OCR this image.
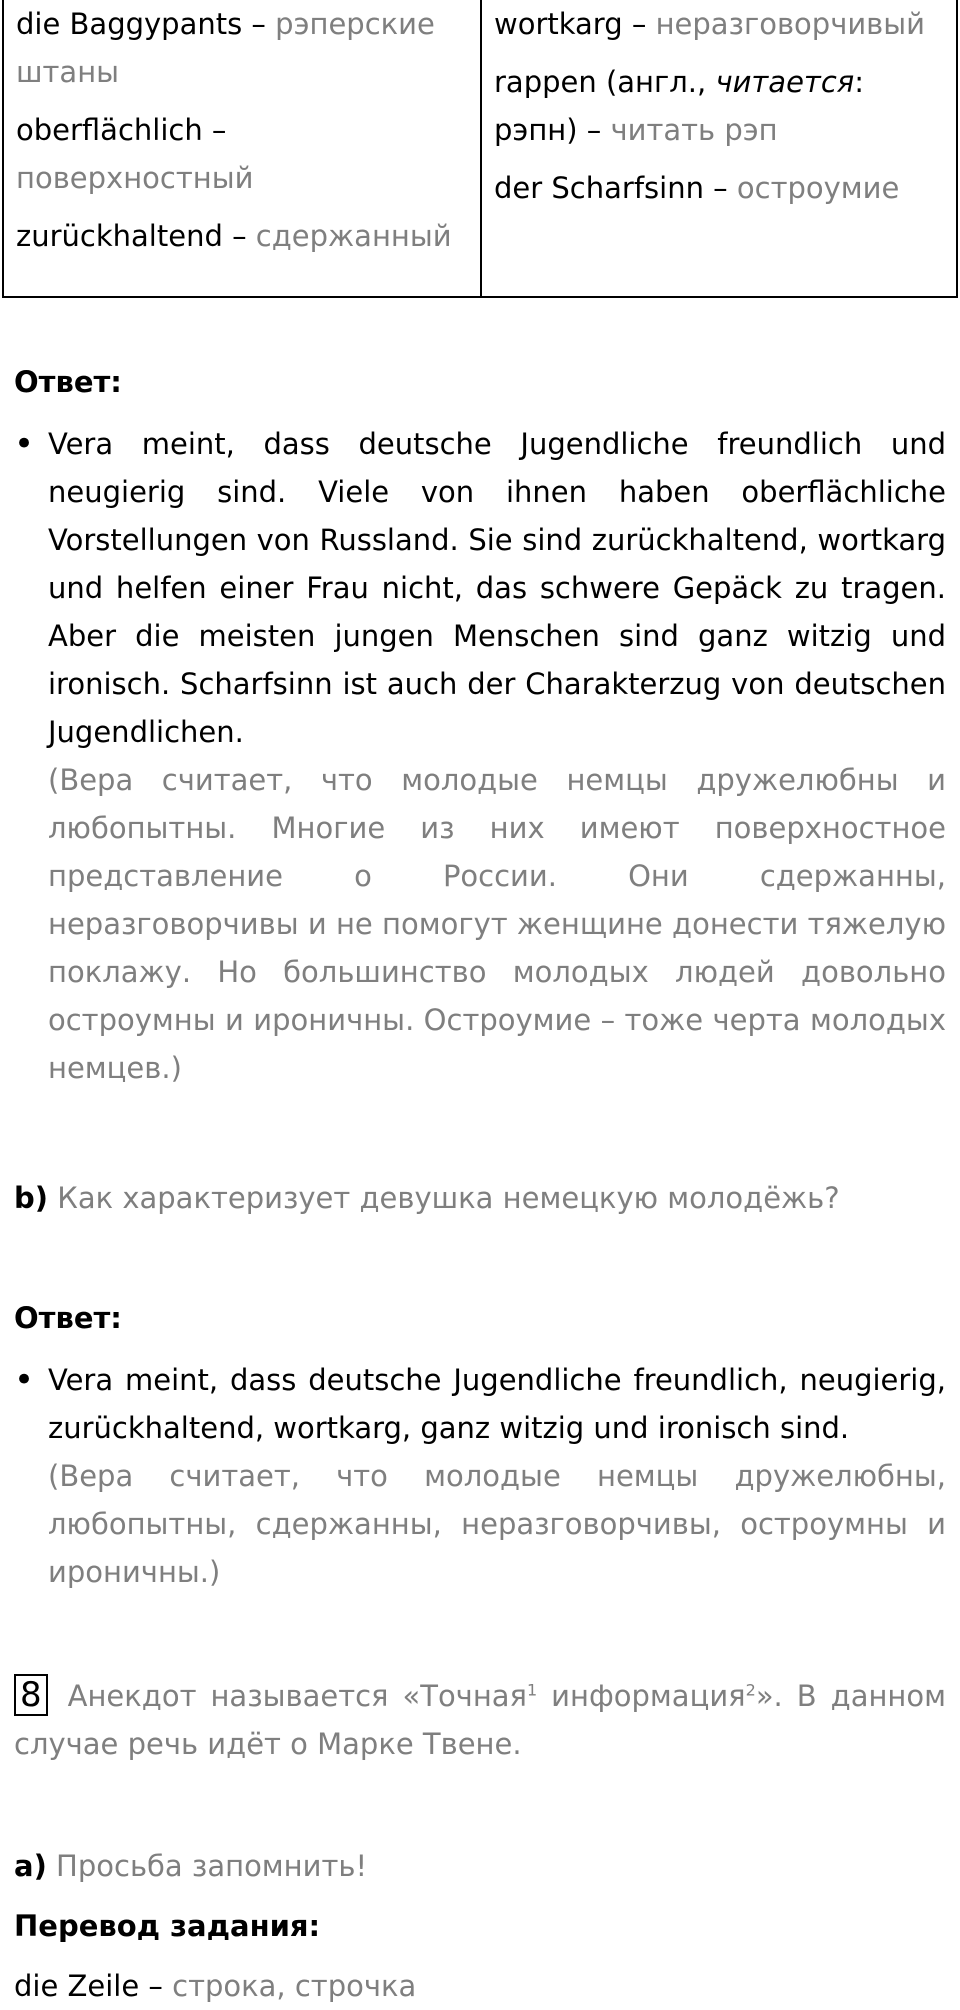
die Baggypants – рэперские штаны
oberflächlich – поверхностный
zurückhaltend – сдержанный
wortkarg – неразговорчивый
rappen (англ., читается: рэпн) – читать рэп
der Scharfsinn – остроумие
Ответ:
• Vera meint, dass deutsche Jugendliche freundlich und neugierig sind. Viele von ihnen haben oberflächliche Vorstellungen von Russland. Sie sind zurückhaltend, wortkarg und helfen einer Frau nicht, das schwere Gepäck zu tragen. Aber die meisten jungen Menschen sind ganz witzig und ironisch. Scharfsinn ist auch der Charakterzug von deutschen Jugendlichen.
(Вера считает, что молодые немцы дружелюбны и любопытны. Многие из них имеют поверхностное представление о России. Они сдержанны, неразговорчивы и не помогут женщине донести тяжелую поклажу. Но большинство молодых людей довольно остроумны и ироничны. Остроумие – тоже черта молодых немцев.)
b) Как характеризует девушка немецкую молодёжь?
Ответ:
• Vera meint, dass deutsche Jugendliche freundlich, neugierig, zurückhaltend, wortkarg, ganz witzig und ironisch sind.
(Вера считает, что молодые немцы дружелюбны, любопытны, сдержанны, неразговорчивы, остроумны и ироничны.)
8 Анекдот называется «Точная$^1$ информация$^2$». В данном случае речь идёт о Марке Твене.
a) Просьба запомнить!
Перевод задания:
die Zeile – строка, строчка
